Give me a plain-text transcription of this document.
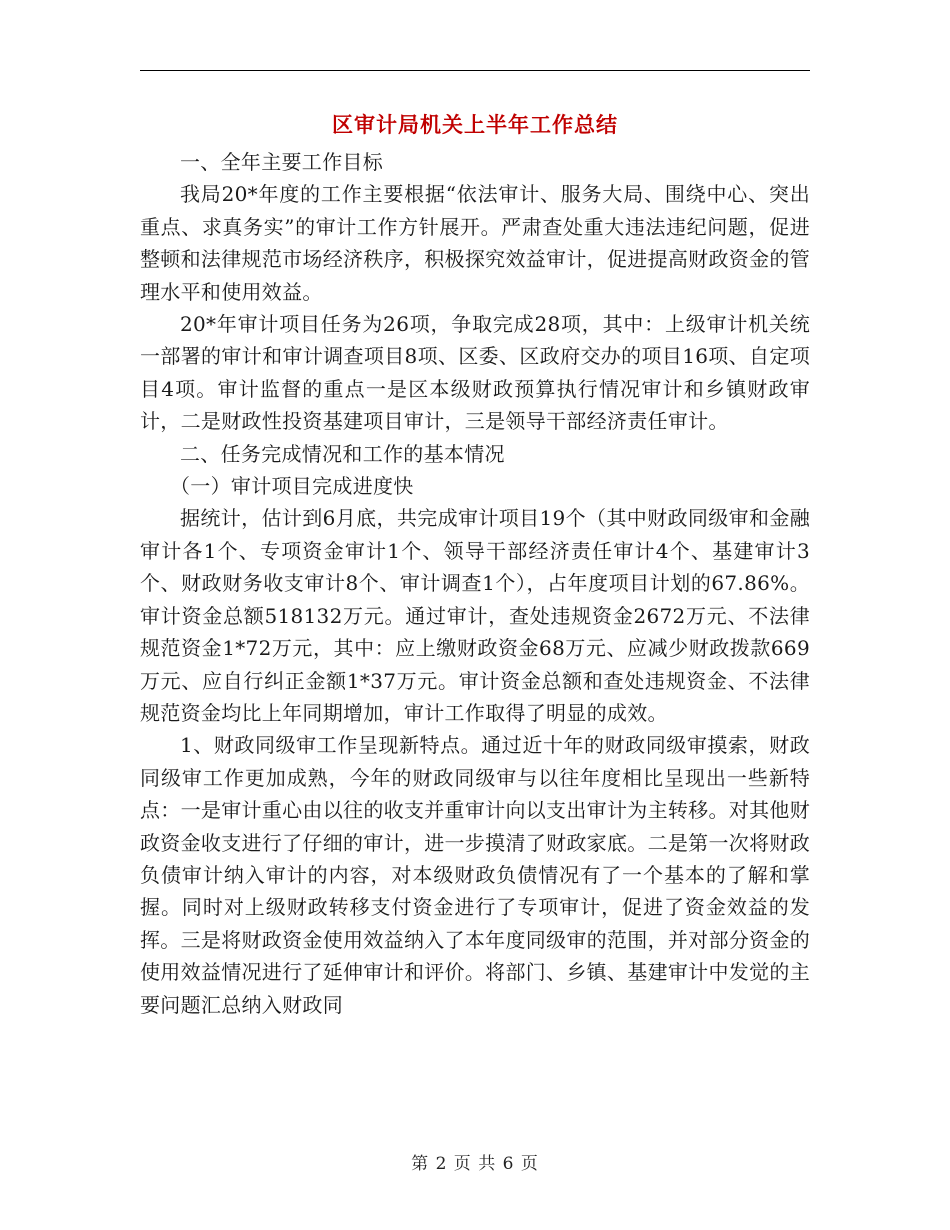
区审计局机关上半年工作总结

一、全年主要工作目标

我局20*年度的工作主要根据“依法审计、服务大局、围绕中心、突出重点、求真务实”的审计工作方针展开。严肃查处重大违法违纪问题，促进整顿和法律规范市场经济秩序，积极探究效益审计，促进提高财政资金的管理水平和使用效益。

20*年审计项目任务为26项，争取完成28项，其中：上级审计机关统一部署的审计和审计调查项目8项、区委、区政府交办的项目16项、自定项目4项。审计监督的重点一是区本级财政预算执行情况审计和乡镇财政审计，二是财政性投资基建项目审计，三是领导干部经济责任审计。

二、任务完成情况和工作的基本情况

（一）审计项目完成进度快

据统计，估计到6月底，共完成审计项目19个（其中财政同级审和金融审计各1个、专项资金审计1个、领导干部经济责任审计4个、基建审计3个、财政财务收支审计8个、审计调查1个），占年度项目计划的67.86%。审计资金总额518132万元。通过审计，查处违规资金2672万元、不法律规范资金1*72万元，其中：应上缴财政资金68万元、应减少财政拨款669万元、应自行纠正金额1*37万元。审计资金总额和查处违规资金、不法律规范资金均比上年同期增加，审计工作取得了明显的成效。

1、财政同级审工作呈现新特点。通过近十年的财政同级审摸索，财政同级审工作更加成熟，今年的财政同级审与以往年度相比呈现出一些新特点：一是审计重心由以往的收支并重审计向以支出审计为主转移。对其他财政资金收支进行了仔细的审计，进一步摸清了财政家底。二是第一次将财政负债审计纳入审计的内容，对本级财政负债情况有了一个基本的了解和掌握。同时对上级财政转移支付资金进行了专项审计，促进了资金效益的发挥。三是将财政资金使用效益纳入了本年度同级审的范围，并对部分资金的使用效益情况进行了延伸审计和评价。将部门、乡镇、基建审计中发觉的主要问题汇总纳入财政同

第 2 页 共 6 页
